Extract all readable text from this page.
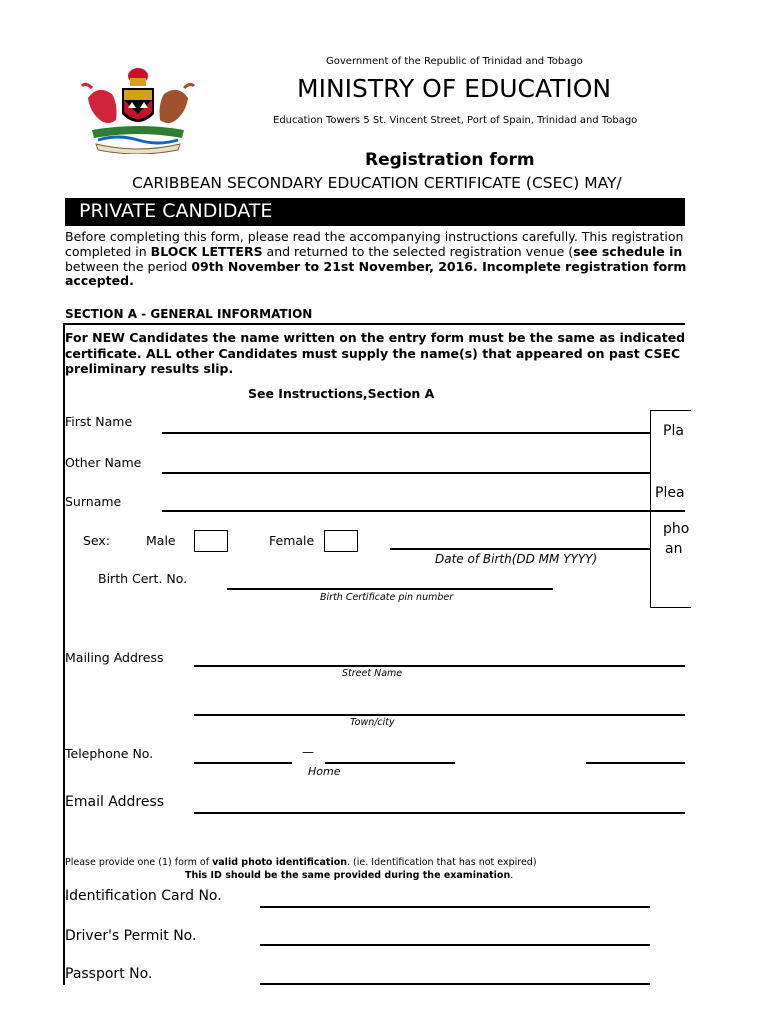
Government of the Republic of Trinidad and Tobago
MINISTRY OF EDUCATION
Education Towers 5 St. Vincent Street, Port of Spain, Trinidad and Tobago
Registration form
CARIBBEAN SECONDARY EDUCATION CERTIFICATE (CSEC) MAY/
PRIVATE CANDIDATE
Before completing this form, please read the accompanying instructions carefully. This registration
completed in BLOCK LETTERS and returned to the selected registration venue (see schedule in
between the period 09th November to 21st November, 2016. Incomplete registration form
accepted.
SECTION A - GENERAL INFORMATION
For NEW Candidates the name written on the entry form must be the same as indicated
certificate. ALL other Candidates must supply the name(s) that appeared on past CSEC
preliminary results slip.
See Instructions,Section A
Pla
Plea
pho
an
First Name
Other Name
Surname
Sex:	Male	Female
Date of Birth(DD MM YYYY)
Birth Cert. No.
Birth Certificate pin number
Mailing Address
Street Name
Town/city
Telephone No.	—
Home
Email Address
Please provide one (1) form of valid photo identification. (ie. Identification that has not expired)
This ID should be the same provided during the examination.
Identification Card No.
Driver's Permit No.
Passport No.
